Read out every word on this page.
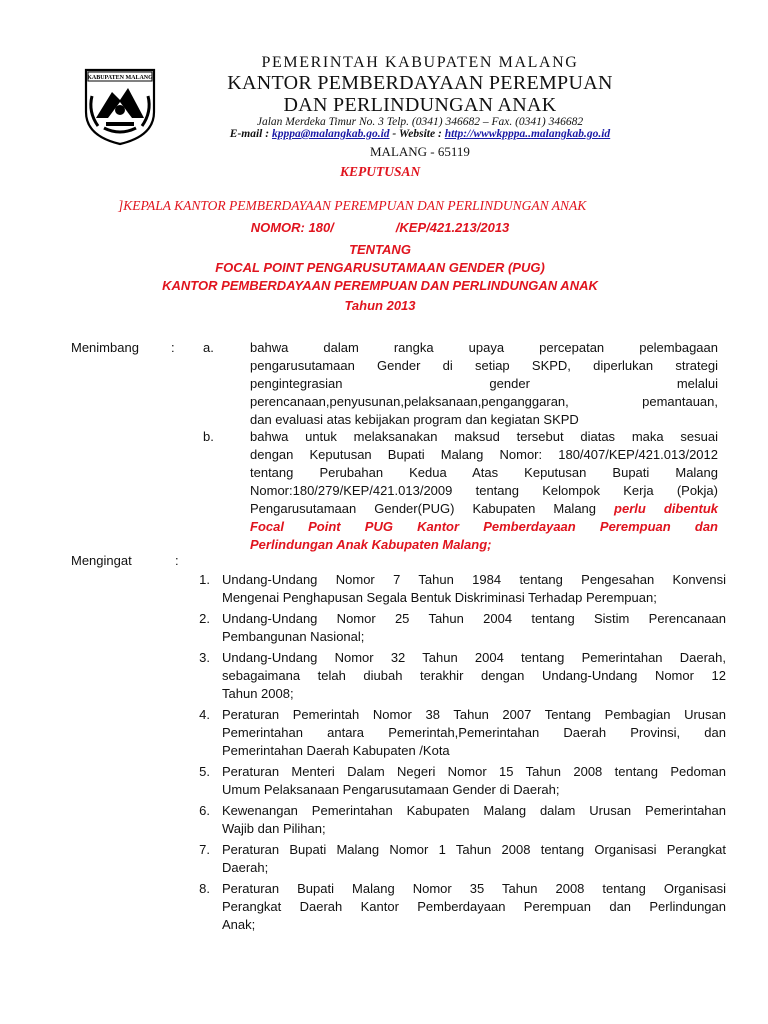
KABUPATEN MALANG
PEMERINTAH KABUPATEN MALANG
KANTOR PEMBERDAYAAN PEREMPUAN
DAN PERLINDUNGAN ANAK
Jalan Merdeka Timur No. 3 Telp. (0341) 346682 – Fax. (0341) 346682
E-mail : kpppa@malangkab.go.id - Website : http://wwwkpppa..malangkab.go.id
MALANG - 65119
KEPUTUSAN
]KEPALA KANTOR PEMBERDAYAAN PEREMPUAN DAN PERLINDUNGAN ANAK
NOMOR: 180/	/KEP/421.213/2013
TENTANG
FOCAL POINT PENGARUSUTAMAAN GENDER (PUG)
KANTOR PEMBERDAYAAN PEREMPUAN DAN PERLINDUNGAN ANAK
Tahun 2013
Menimbang : a.	bahwa dalam rangka upaya percepatan pelembagaan
pengarusutamaan Gender di setiap SKPD, diperlukan strategi
pengintegrasian gender melalui
perencanaan,penyusunan,pelaksanaan,penganggaran, pemantauan,
dan evaluasi atas kebijakan program dan kegiatan SKPD
b.	bahwa untuk melaksanakan maksud tersebut diatas maka sesuai
dengan Keputusan Bupati Malang Nomor: 180/407/KEP/421.013/2012
tentang Perubahan Kedua Atas Keputusan Bupati Malang
Nomor:180/279/KEP/421.013/2009 tentang Kelompok Kerja (Pokja)
Pengarusutamaan Gender(PUG) Kabupaten Malang perlu dibentuk
Focal Point PUG Kantor Pemberdayaan Perempuan dan
Perlindungan Anak Kabupaten Malang;
Mengingat	:
1. Undang-Undang Nomor 7 Tahun 1984 tentang Pengesahan Konvensi
Mengenai Penghapusan Segala Bentuk Diskriminasi Terhadap Perempuan;
2. Undang-Undang Nomor 25 Tahun 2004 tentang Sistim Perencanaan
Pembangunan Nasional;
3. Undang-Undang Nomor 32 Tahun 2004 tentang Pemerintahan Daerah,
sebagaimana telah diubah terakhir dengan Undang-Undang Nomor 12
Tahun 2008;
4. Peraturan Pemerintah Nomor 38 Tahun 2007 Tentang Pembagian Urusan
Pemerintahan antara Pemerintah,Pemerintahan Daerah Provinsi, dan
Pemerintahan Daerah Kabupaten /Kota
5. Peraturan Menteri Dalam Negeri Nomor 15 Tahun 2008 tentang Pedoman
Umum Pelaksanaan Pengarusutamaan Gender di Daerah;
6. Kewenangan Pemerintahan Kabupaten Malang dalam Urusan Pemerintahan
Wajib dan Pilihan;
7. Peraturan Bupati Malang Nomor 1 Tahun 2008 tentang Organisasi Perangkat
Daerah;
8. Peraturan Bupati Malang Nomor 35 Tahun 2008 tentang Organisasi
Perangkat Daerah Kantor Pemberdayaan Perempuan dan Perlindungan
Anak;
